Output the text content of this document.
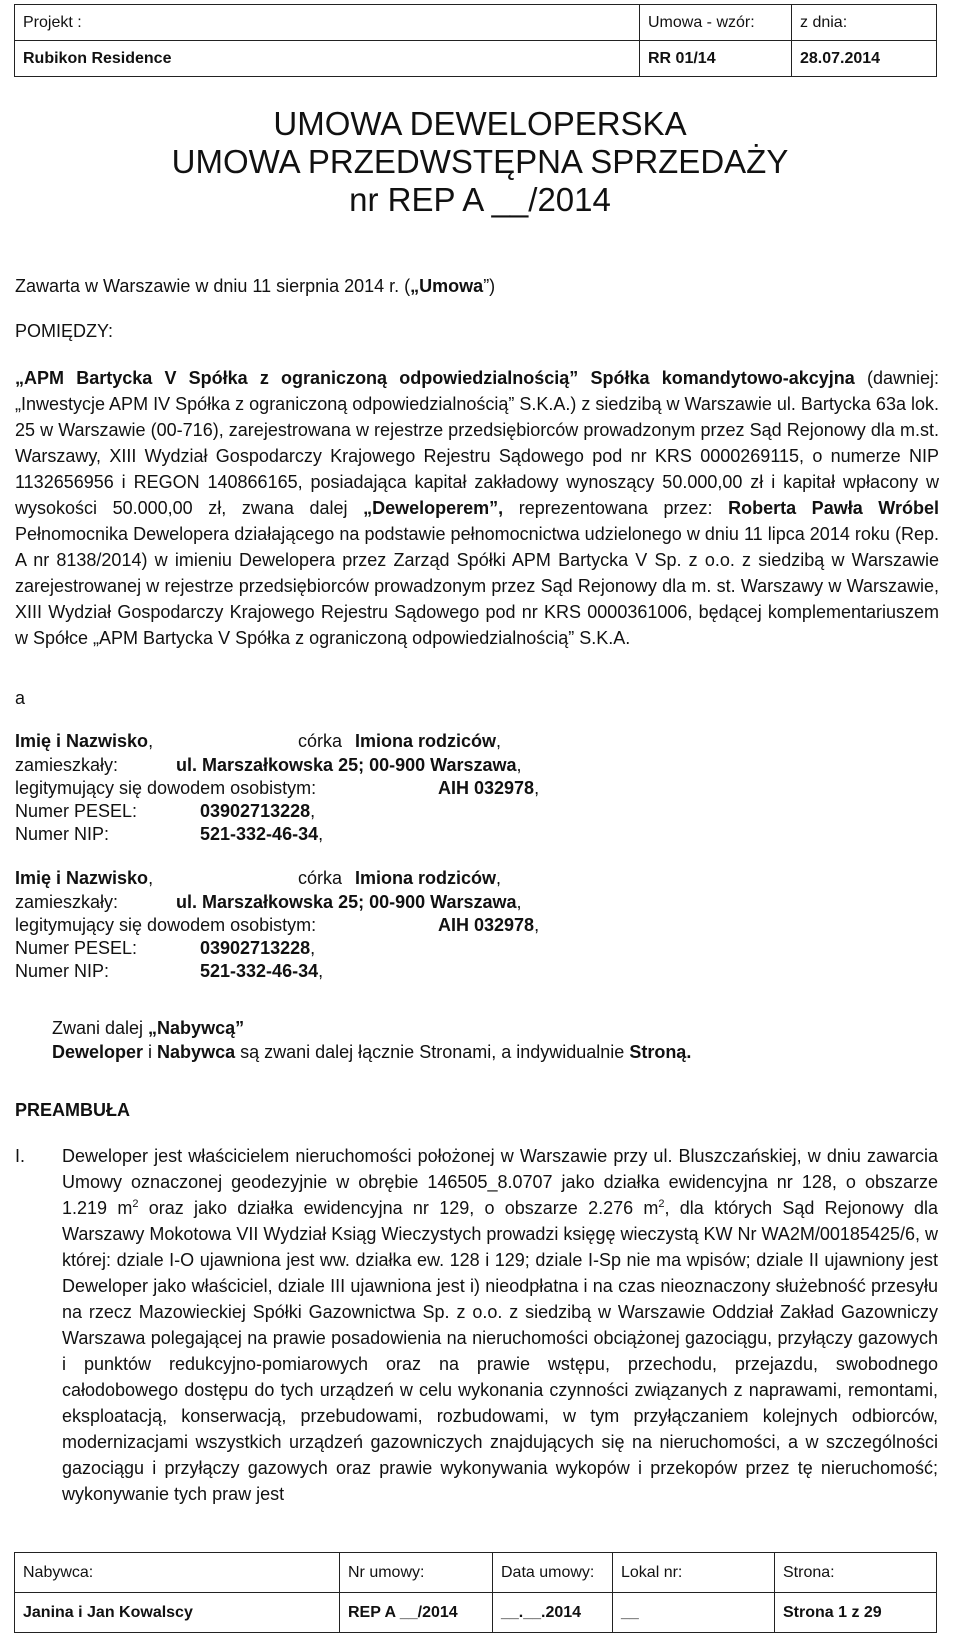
Projekt :	Umowa - wzór:	z dnia:
Rubikon Residence	RR 01/14	28.07.2014
UMOWA DEWELOPERSKA
UMOWA PRZEDWSTĘPNA SPRZEDAŻY
nr REP A __/2014
Zawarta w Warszawie w dniu 11 sierpnia 2014 r. („Umowa”)
POMIĘDZY:
„APM Bartycka V Spółka z ograniczoną odpowiedzialnością” Spółka komandytowo-akcyjna (dawniej: „Inwestycje APM IV Spółka z ograniczoną odpowiedzialnością” S.K.A.) z siedzibą w Warszawie ul. Bartycka 63a lok. 25 w Warszawie (00-716), zarejestrowana w rejestrze przedsiębiorców prowadzonym przez Sąd Rejonowy dla m.st. Warszawy, XIII Wydział Gospodarczy Krajowego Rejestru Sądowego pod nr KRS 0000269115, o numerze NIP 1132656956 i REGON 140866165, posiadająca kapitał zakładowy wynoszący 50.000,00 zł i kapitał wpłacony w wysokości 50.000,00 zł, zwana dalej „Deweloperem”, reprezentowana przez: Roberta Pawła Wróbel Pełnomocnika Dewelopera działającego na podstawie pełnomocnictwa udzielonego w dniu 11 lipca 2014 roku (Rep. A nr 8138/2014) w imieniu Dewelopera przez Zarząd Spółki APM Bartycka V Sp. z o.o. z siedzibą w Warszawie zarejestrowanej w rejestrze przedsiębiorców prowadzonym przez Sąd Rejonowy dla m. st. Warszawy w Warszawie, XIII Wydział Gospodarczy Krajowego Rejestru Sądowego pod nr KRS 0000361006, będącej komplementariuszem w Spółce „APM Bartycka V Spółka z ograniczoną odpowiedzialnością” S.K.A.
a
Imię i Nazwisko,	córka Imiona rodziców,
zamieszkały:	ul. Marszałkowska 25; 00-900 Warszawa,
legitymujący się dowodem osobistym:	AIH 032978,
Numer PESEL:	03902713228,
Numer NIP:	521-332-46-34,
Imię i Nazwisko,	córka Imiona rodziców,
zamieszkały:	ul. Marszałkowska 25; 00-900 Warszawa,
legitymujący się dowodem osobistym:	AIH 032978,
Numer PESEL:	03902713228,
Numer NIP:	521-332-46-34,
Zwani dalej „Nabywcą”
Deweloper i Nabywca są zwani dalej łącznie Stronami, a indywidualnie Stroną.
PREAMBUŁA
I. Deweloper jest właścicielem nieruchomości położonej w Warszawie przy ul. Bluszczańskiej, w dniu zawarcia Umowy oznaczonej geodezyjnie w obrębie 146505_8.0707 jako działka ewidencyjna nr 128, o obszarze 1.219 $m^2$ oraz jako działka ewidencyjna nr 129, o obszarze 2.276 $m^2$, dla których Sąd Rejonowy dla Warszawy Mokotowa VII Wydział Ksiąg Wieczystych prowadzi księgę wieczystą KW Nr WA2M/00185425/6, w której: dziale I-O ujawniona jest ww. działka ew. 128 i 129; dziale I-Sp nie ma wpisów; dziale II ujawniony jest Deweloper jako właściciel, dziale III ujawniona jest i) nieodpłatna i na czas nieoznaczony służebność przesyłu na rzecz Mazowieckiej Spółki Gazownictwa Sp. z o.o. z siedzibą w Warszawie Oddział Zakład Gazowniczy Warszawa polegającej na prawie posadowienia na nieruchomości obciążonej gazociągu, przyłączy gazowych i punktów redukcyjno-pomiarowych oraz na prawie wstępu, przechodu, przejazdu, swobodnego całodobowego dostępu do tych urządzeń w celu wykonania czynności związanych z naprawami, remontami, eksploatacją, konserwacją, przebudowami, rozbudowami, w tym przyłączaniem kolejnych odbiorców, modernizacjami wszystkich urządzeń gazowniczych znajdujących się na nieruchomości, a w szczególności gazociągu i przyłączy gazowych oraz prawie wykonywania wykopów i przekopów przez tę nieruchomość; wykonywanie tych praw jest
Nabywca:	Nr umowy:	Data umowy:	Lokal nr:	Strona:
Janina i Jan Kowalscy	REP A __/2014	__.__.2014	__	Strona 1 z 29
